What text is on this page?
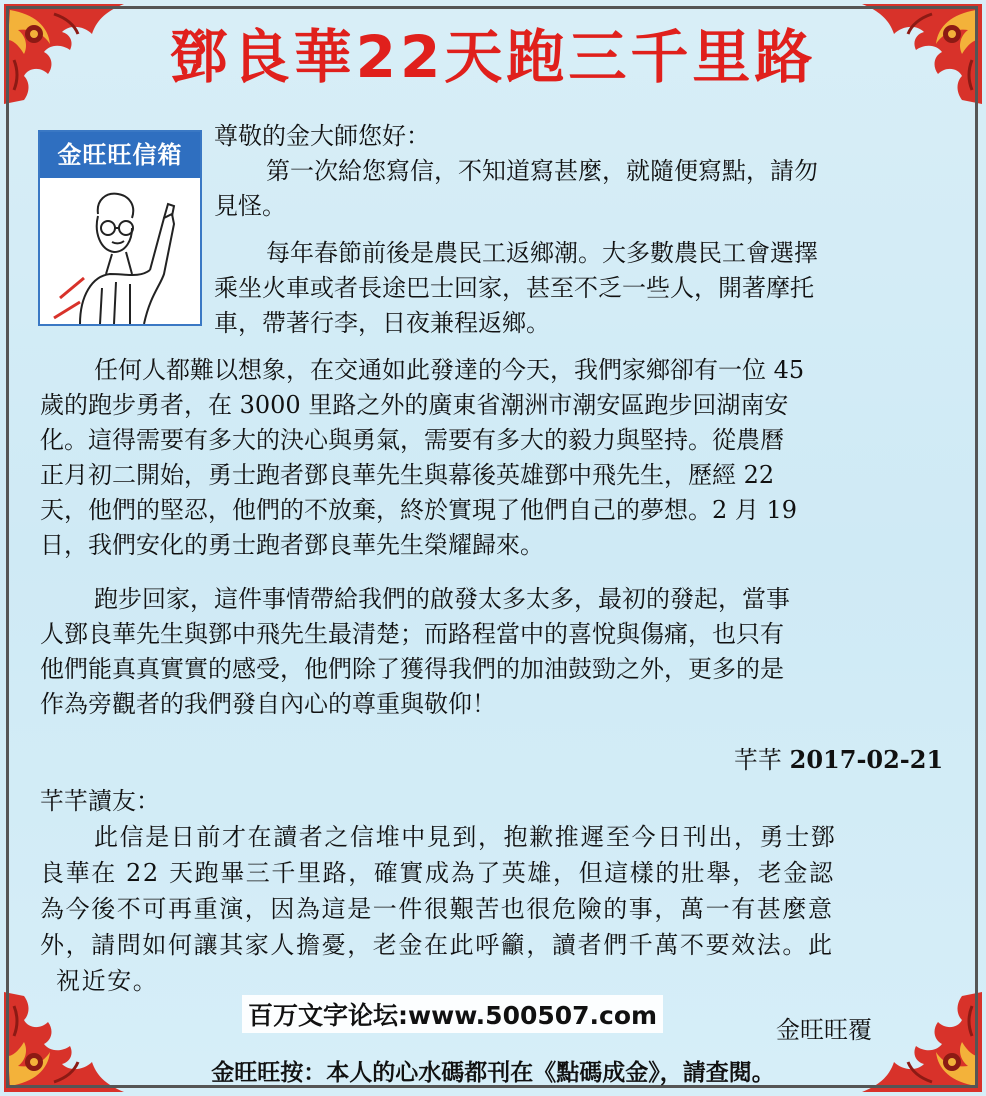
鄧良華22天跑三千里路
金旺旺信箱
尊敬的金大師您好：
第一次給您寫信，不知道寫甚麼，就隨便寫點，請勿
見怪。
每年春節前後是農民工返鄉潮。大多數農民工會選擇
乘坐火車或者長途巴士回家，甚至不乏一些人，開著摩托
車，帶著行李，日夜兼程返鄉。
任何人都難以想象，在交通如此發達的今天，我們家鄉卻有一位 45
歲的跑步勇者，在 3000 里路之外的廣東省潮洲市潮安區跑步回湖南安
化。這得需要有多大的決心與勇氣，需要有多大的毅力與堅持。從農曆
正月初二開始，勇士跑者鄧良華先生與幕後英雄鄧中飛先生，歷經 22
天，他們的堅忍，他們的不放棄，終於實現了他們自己的夢想。2 月 19
日，我們安化的勇士跑者鄧良華先生榮耀歸來。
跑步回家，這件事情帶給我們的啟發太多太多，最初的發起，當事
人鄧良華先生與鄧中飛先生最清楚；而路程當中的喜悅與傷痛，也只有
他們能真真實實的感受，他們除了獲得我們的加油鼓勁之外，更多的是
作為旁觀者的我們發自內心的尊重與敬仰！
芊芊 2017-02-21
芊芊讀友：
此信是日前才在讀者之信堆中見到，抱歉推遲至今日刊出，勇士鄧
良華在 22 天跑畢三千里路，確實成為了英雄，但這樣的壯舉，老金認
為今後不可再重演，因為這是一件很艱苦也很危險的事，萬一有甚麼意
外，請問如何讓其家人擔憂，老金在此呼籲，讀者們千萬不要效法。此
祝近安。
百万文字论坛:www.500507.com	金旺旺覆
金旺旺按：本人的心水碼都刊在《點碼成金》，請查閱。
